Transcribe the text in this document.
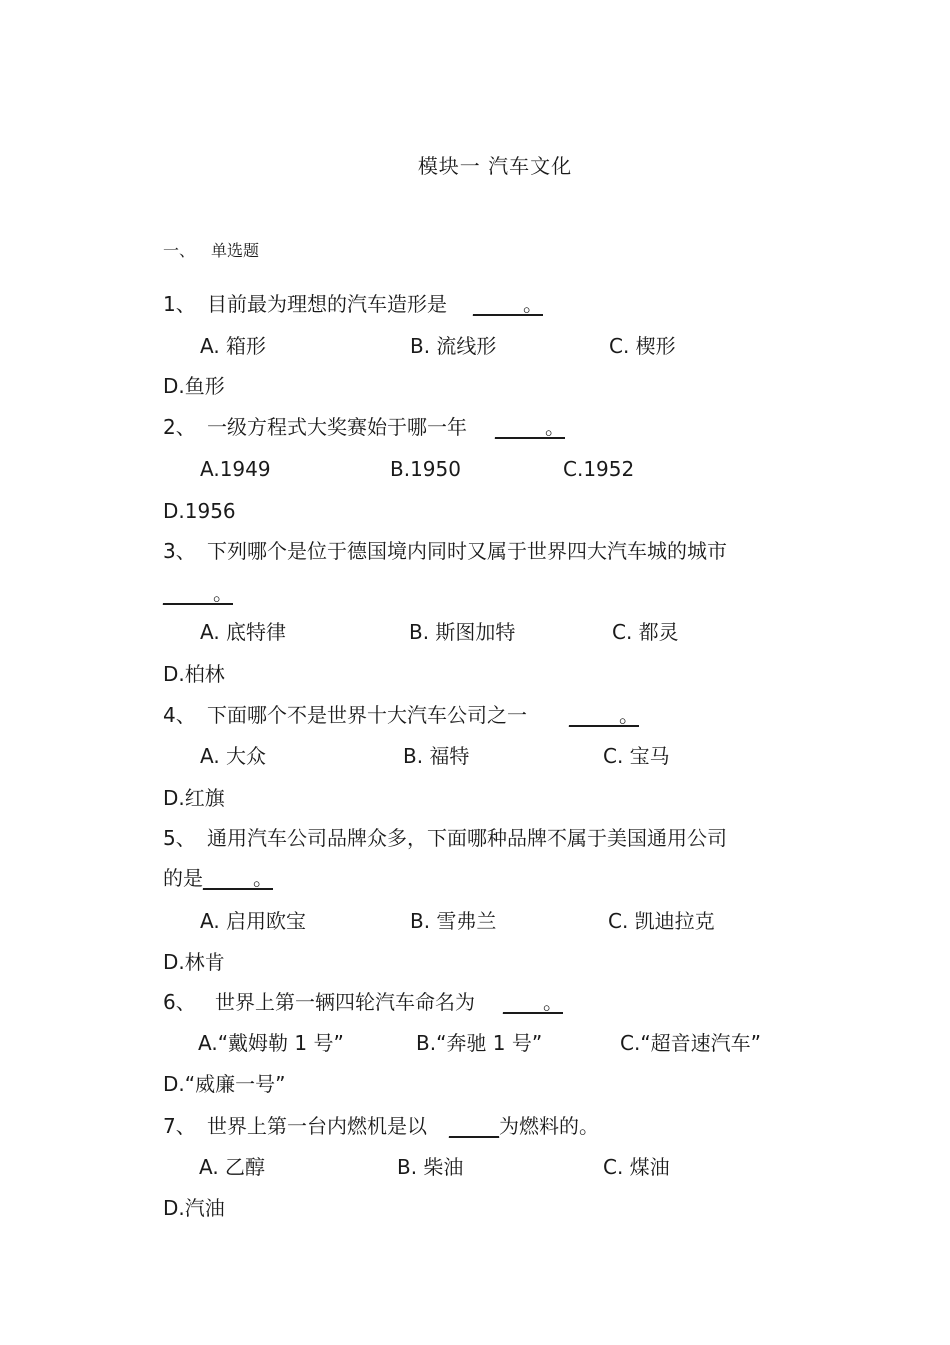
模块一 汽车文化
一、 单选题
1、 目前最为理想的汽车造形是 _____。
A. 箱形	B. 流线形	C. 楔形
D.鱼形
2、 一级方程式大奖赛始于哪一年 _____。
A.1949	B.1950	C.1952
D.1956
3、 下列哪个是位于德国境内同时又属于世界四大汽车城的城市
_____。
A. 底特律	B. 斯图加特	C. 都灵
D.柏林
4、 下面哪个不是世界十大汽车公司之一 _____。
A. 大众	B. 福特	C. 宝马
D.红旗
5、 通用汽车公司品牌众多，下面哪种品牌不属于美国通用公司
的是_____。
A. 启用欧宝	B. 雪弗兰	C. 凯迪拉克
D.林肯
6、 世界上第一辆四轮汽车命名为 ____。
A.“戴姆勒 1 号”	B.“奔驰 1 号”	C.“超音速汽车”
D.“威廉一号”
7、 世界上第一台内燃机是以 _____为燃料的。
A. 乙醇	B. 柴油	C. 煤油
D.汽油
